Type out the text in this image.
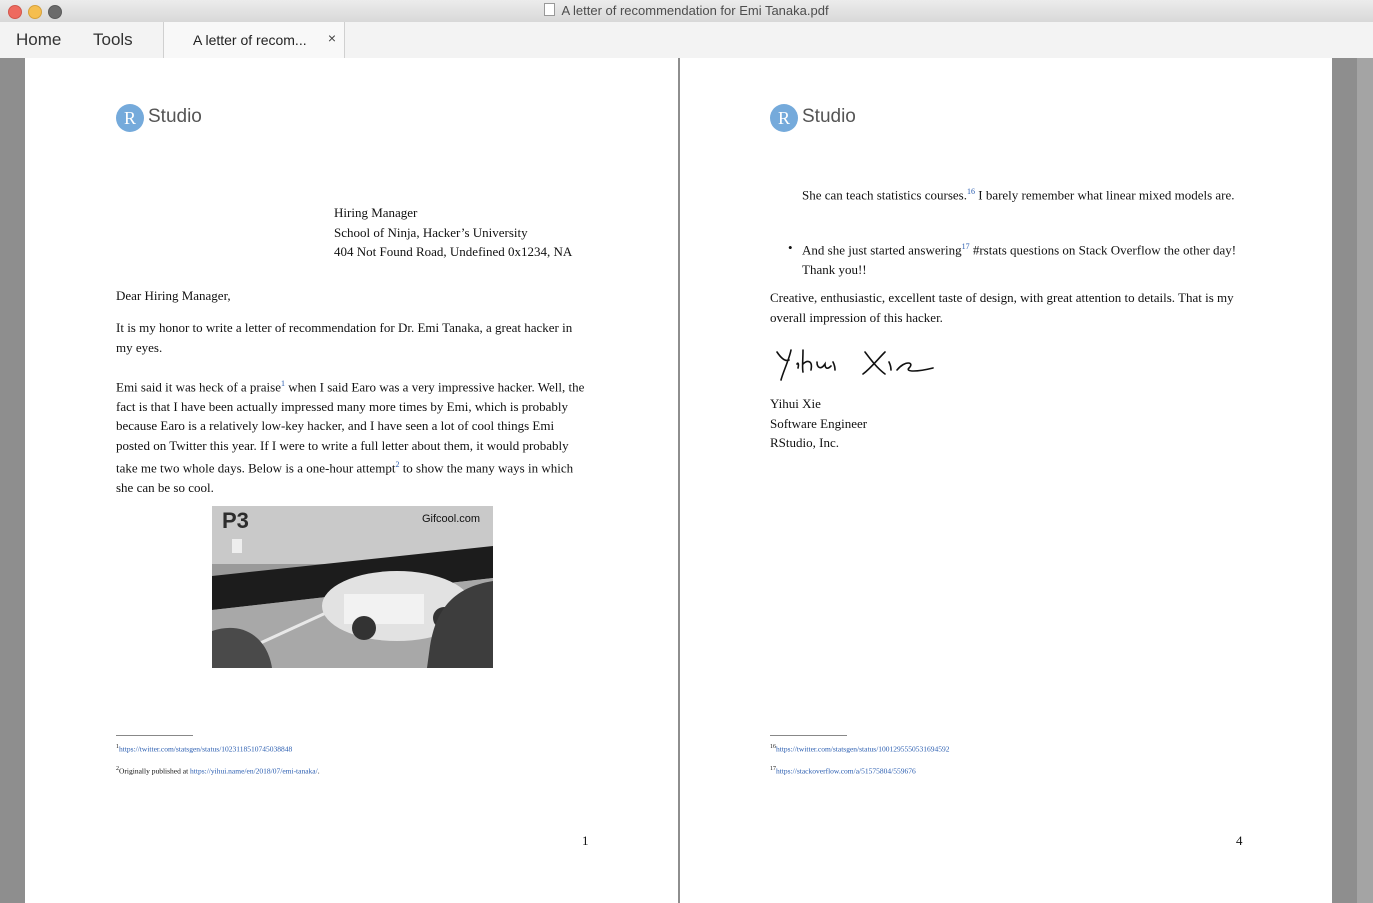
A letter of recommendation for Emi Tanaka.pdf
Home Tools	A letter of recom... ×
R Studio
Hiring Manager
School of Ninja, Hacker’s University
404 Not Found Road, Undefined 0x1234, NA
Dear Hiring Manager,
It is my honor to write a letter of recommendation for Dr. Emi Tanaka, a great hacker in my eyes.
Emi said it was heck of a praise$^1$ when I said Earo was a very impressive hacker. Well, the fact is that I have been actually impressed many more times by Emi, which is probably because Earo is a relatively low-key hacker, and I have seen a lot of cool things Emi posted on Twitter this year. If I were to write a full letter about them, it would probably take me two whole days. Below is a one-hour attempt$^2$ to show the many ways in which she can be so cool.
P3	Gifcool.com
$^1$https://twitter.com/statsgen/status/1023118510745038848
$^2$Originally published at https://yihui.name/en/2018/07/emi-tanaka/.
1
R Studio
She can teach statistics courses.$^{16}$ I barely remember what linear mixed models are.
• And she just started answering$^{17}$ #rstats questions on Stack Overflow the other day! Thank you!!
Creative, enthusiastic, excellent taste of design, with great attention to details. That is my overall impression of this hacker.
Yihui Xie
Software Engineer
RStudio, Inc.
$^{16}$https://twitter.com/statsgen/status/1001295550531694592
$^{17}$https://stackoverflow.com/a/51575804/559676
4
